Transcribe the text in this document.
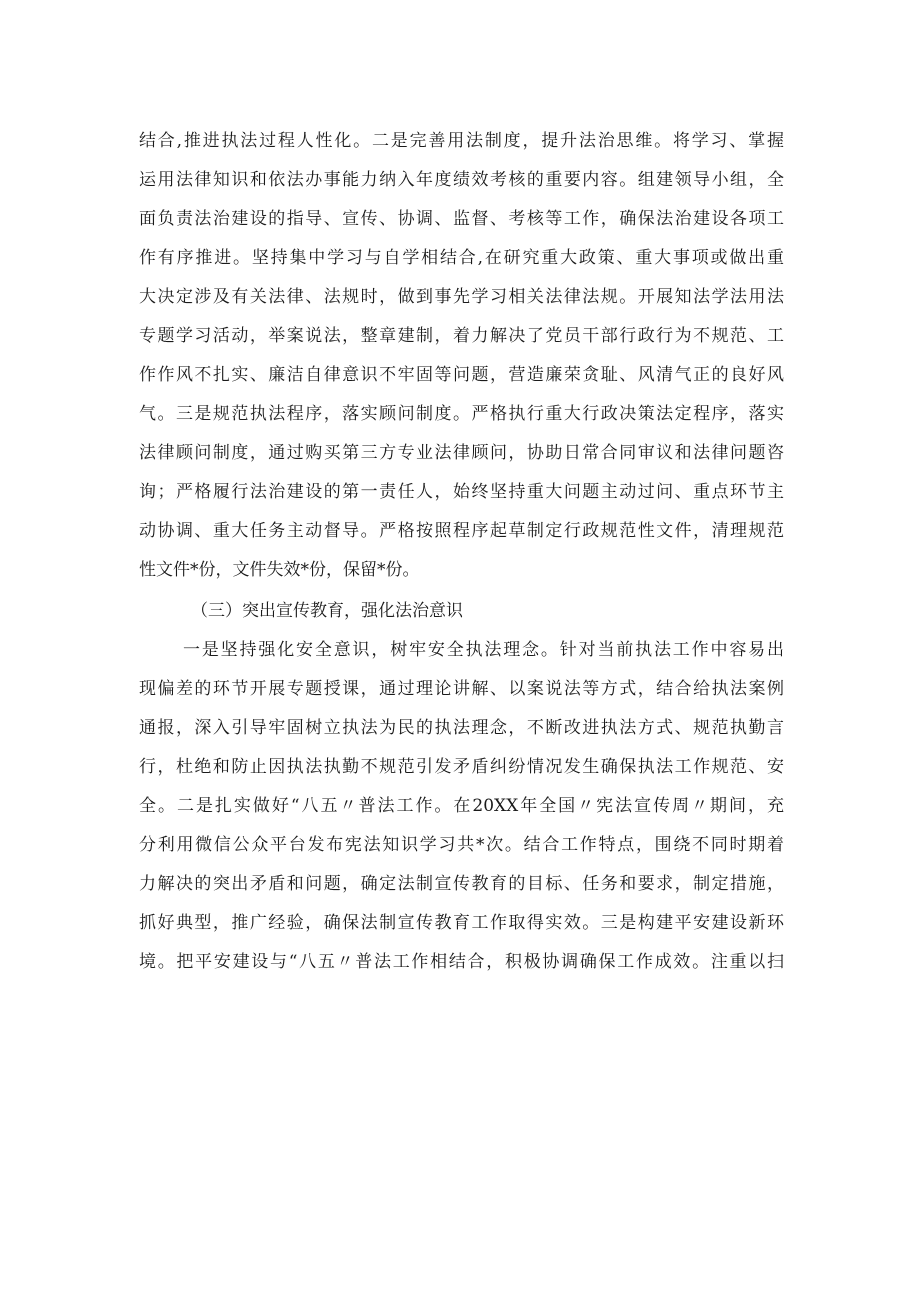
结合,推进执法过程人性化。二是完善用法制度，提升法治思维。将学习、掌握
运用法律知识和依法办事能力纳入年度绩效考核的重要内容。组建领导小组，全
面负责法治建设的指导、宣传、协调、监督、考核等工作，确保法治建设各项工
作有序推进。坚持集中学习与自学相结合,在研究重大政策、重大事项或做出重
大决定涉及有关法律、法规时，做到事先学习相关法律法规。开展知法学法用法
专题学习活动，举案说法，整章建制，着力解决了党员干部行政行为不规范、工
作作风不扎实、廉洁自律意识不牢固等问题，营造廉荣贪耻、风清气正的良好风
气。三是规范执法程序，落实顾问制度。严格执行重大行政决策法定程序，落实
法律顾问制度，通过购买第三方专业法律顾问，协助日常合同审议和法律问题咨
询；严格履行法治建设的第一责任人，始终坚持重大问题主动过问、重点环节主
动协调、重大任务主动督导。严格按照程序起草制定行政规范性文件，清理规范
性文件*份，文件失效*份，保留*份。
（三）突出宣传教育，强化法治意识
一是坚持强化安全意识，树牢安全执法理念。针对当前执法工作中容易出
现偏差的环节开展专题授课，通过理论讲解、以案说法等方式，结合给执法案例
通报，深入引导牢固树立执法为民的执法理念，不断改进执法方式、规范执勤言
行，杜绝和防止因执法执勤不规范引发矛盾纠纷情况发生确保执法工作规范、安
全。二是扎实做好“八五〃普法工作。在20XX年全国〃宪法宣传周〃期间，充
分利用微信公众平台发布宪法知识学习共*次。结合工作特点，围绕不同时期着
力解决的突出矛盾和问题，确定法制宣传教育的目标、任务和要求，制定措施，
抓好典型，推广经验，确保法制宣传教育工作取得实效。三是构建平安建设新环
境。把平安建设与“八五〃普法工作相结合，积极协调确保工作成效。注重以扫
